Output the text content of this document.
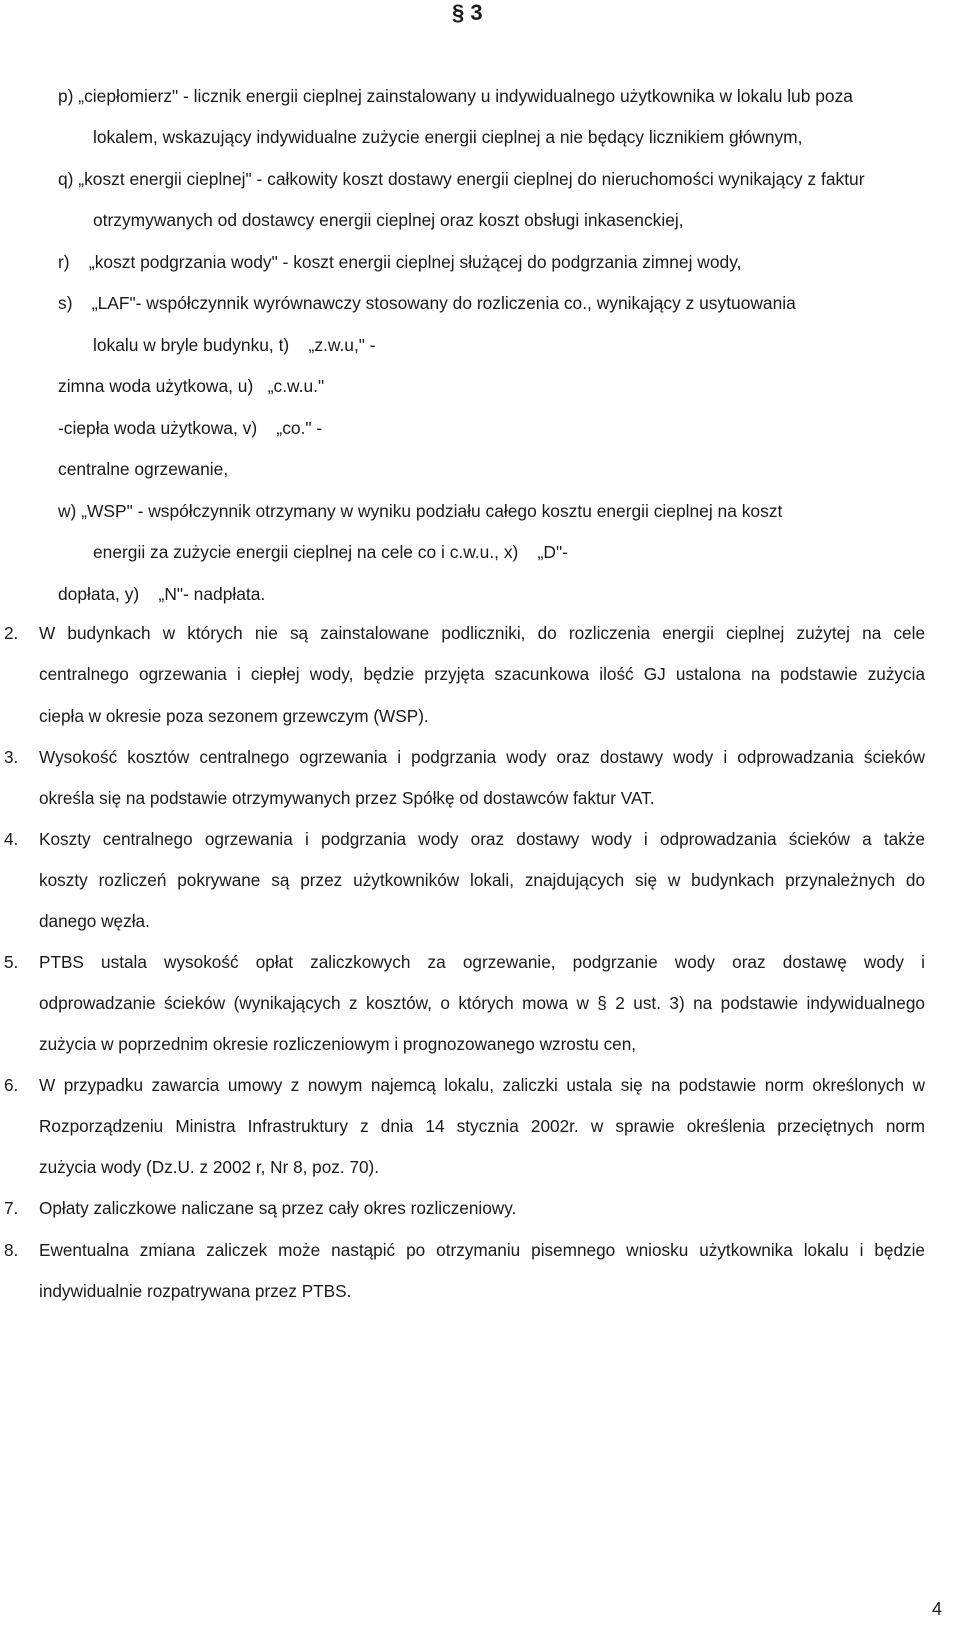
§ 3
p) „ciepłomierz" - licznik energii cieplnej zainstalowany u indywidualnego użytkownika w lokalu lub poza
lokalem, wskazujący indywidualne zużycie energii cieplnej a nie będący licznikiem głównym,
q) „koszt energii cieplnej" - całkowity koszt dostawy energii cieplnej do nieruchomości wynikający z faktur
otrzymywanych od dostawcy energii cieplnej oraz koszt obsługi inkasenckiej,
r)    „koszt podgrzania wody" - koszt energii cieplnej służącej do podgrzania zimnej wody,
s)    „LAF"- współczynnik wyrównawczy stosowany do rozliczenia co., wynikający z usytuowania
lokalu w bryle budynku, t)    „z.w.u," -
zimna woda użytkowa, u)   „c.w.u."
-ciepła woda użytkowa, v)    „co." -
centralne ogrzewanie,
w) „WSP" - współczynnik otrzymany w wyniku podziału całego kosztu energii cieplnej na koszt
energii za zużycie energii cieplnej na cele co i c.w.u., x)    „D"-
dopłata, y)    „N"- nadpłata.
2. W budynkach w których nie są zainstalowane podliczniki, do rozliczenia energii cieplnej zużytej na cele
centralnego ogrzewania i ciepłej wody, będzie przyjęta szacunkowa ilość GJ ustalona na podstawie zużycia
ciepła w okresie poza sezonem grzewczym (WSP).
3. Wysokość kosztów centralnego ogrzewania i podgrzania wody oraz dostawy wody i odprowadzania ścieków
określa się na podstawie otrzymywanych przez Spółkę od dostawców faktur VAT.
4. Koszty centralnego ogrzewania i podgrzania wody oraz dostawy wody i odprowadzania ścieków a także
koszty rozliczeń pokrywane są przez użytkowników lokali, znajdujących się w budynkach przynależnych do
danego węzła.
5. PTBS ustala wysokość opłat zaliczkowych za ogrzewanie, podgrzanie wody oraz dostawę wody i
odprowadzanie ścieków (wynikających z kosztów, o których mowa w § 2 ust. 3) na podstawie indywidualnego
zużycia w poprzednim okresie rozliczeniowym i prognozowanego wzrostu cen,
6. W przypadku zawarcia umowy z nowym najemcą lokalu, zaliczki ustala się na podstawie norm określonych w
Rozporządzeniu Ministra Infrastruktury z dnia 14 stycznia 2002r. w sprawie określenia przeciętnych norm
zużycia wody (Dz.U. z 2002 r, Nr 8, poz. 70).
7. Opłaty zaliczkowe naliczane są przez cały okres rozliczeniowy.
8. Ewentualna zmiana zaliczek może nastąpić po otrzymaniu pisemnego wniosku użytkownika lokalu i będzie
indywidualnie rozpatrywana przez PTBS.
4
